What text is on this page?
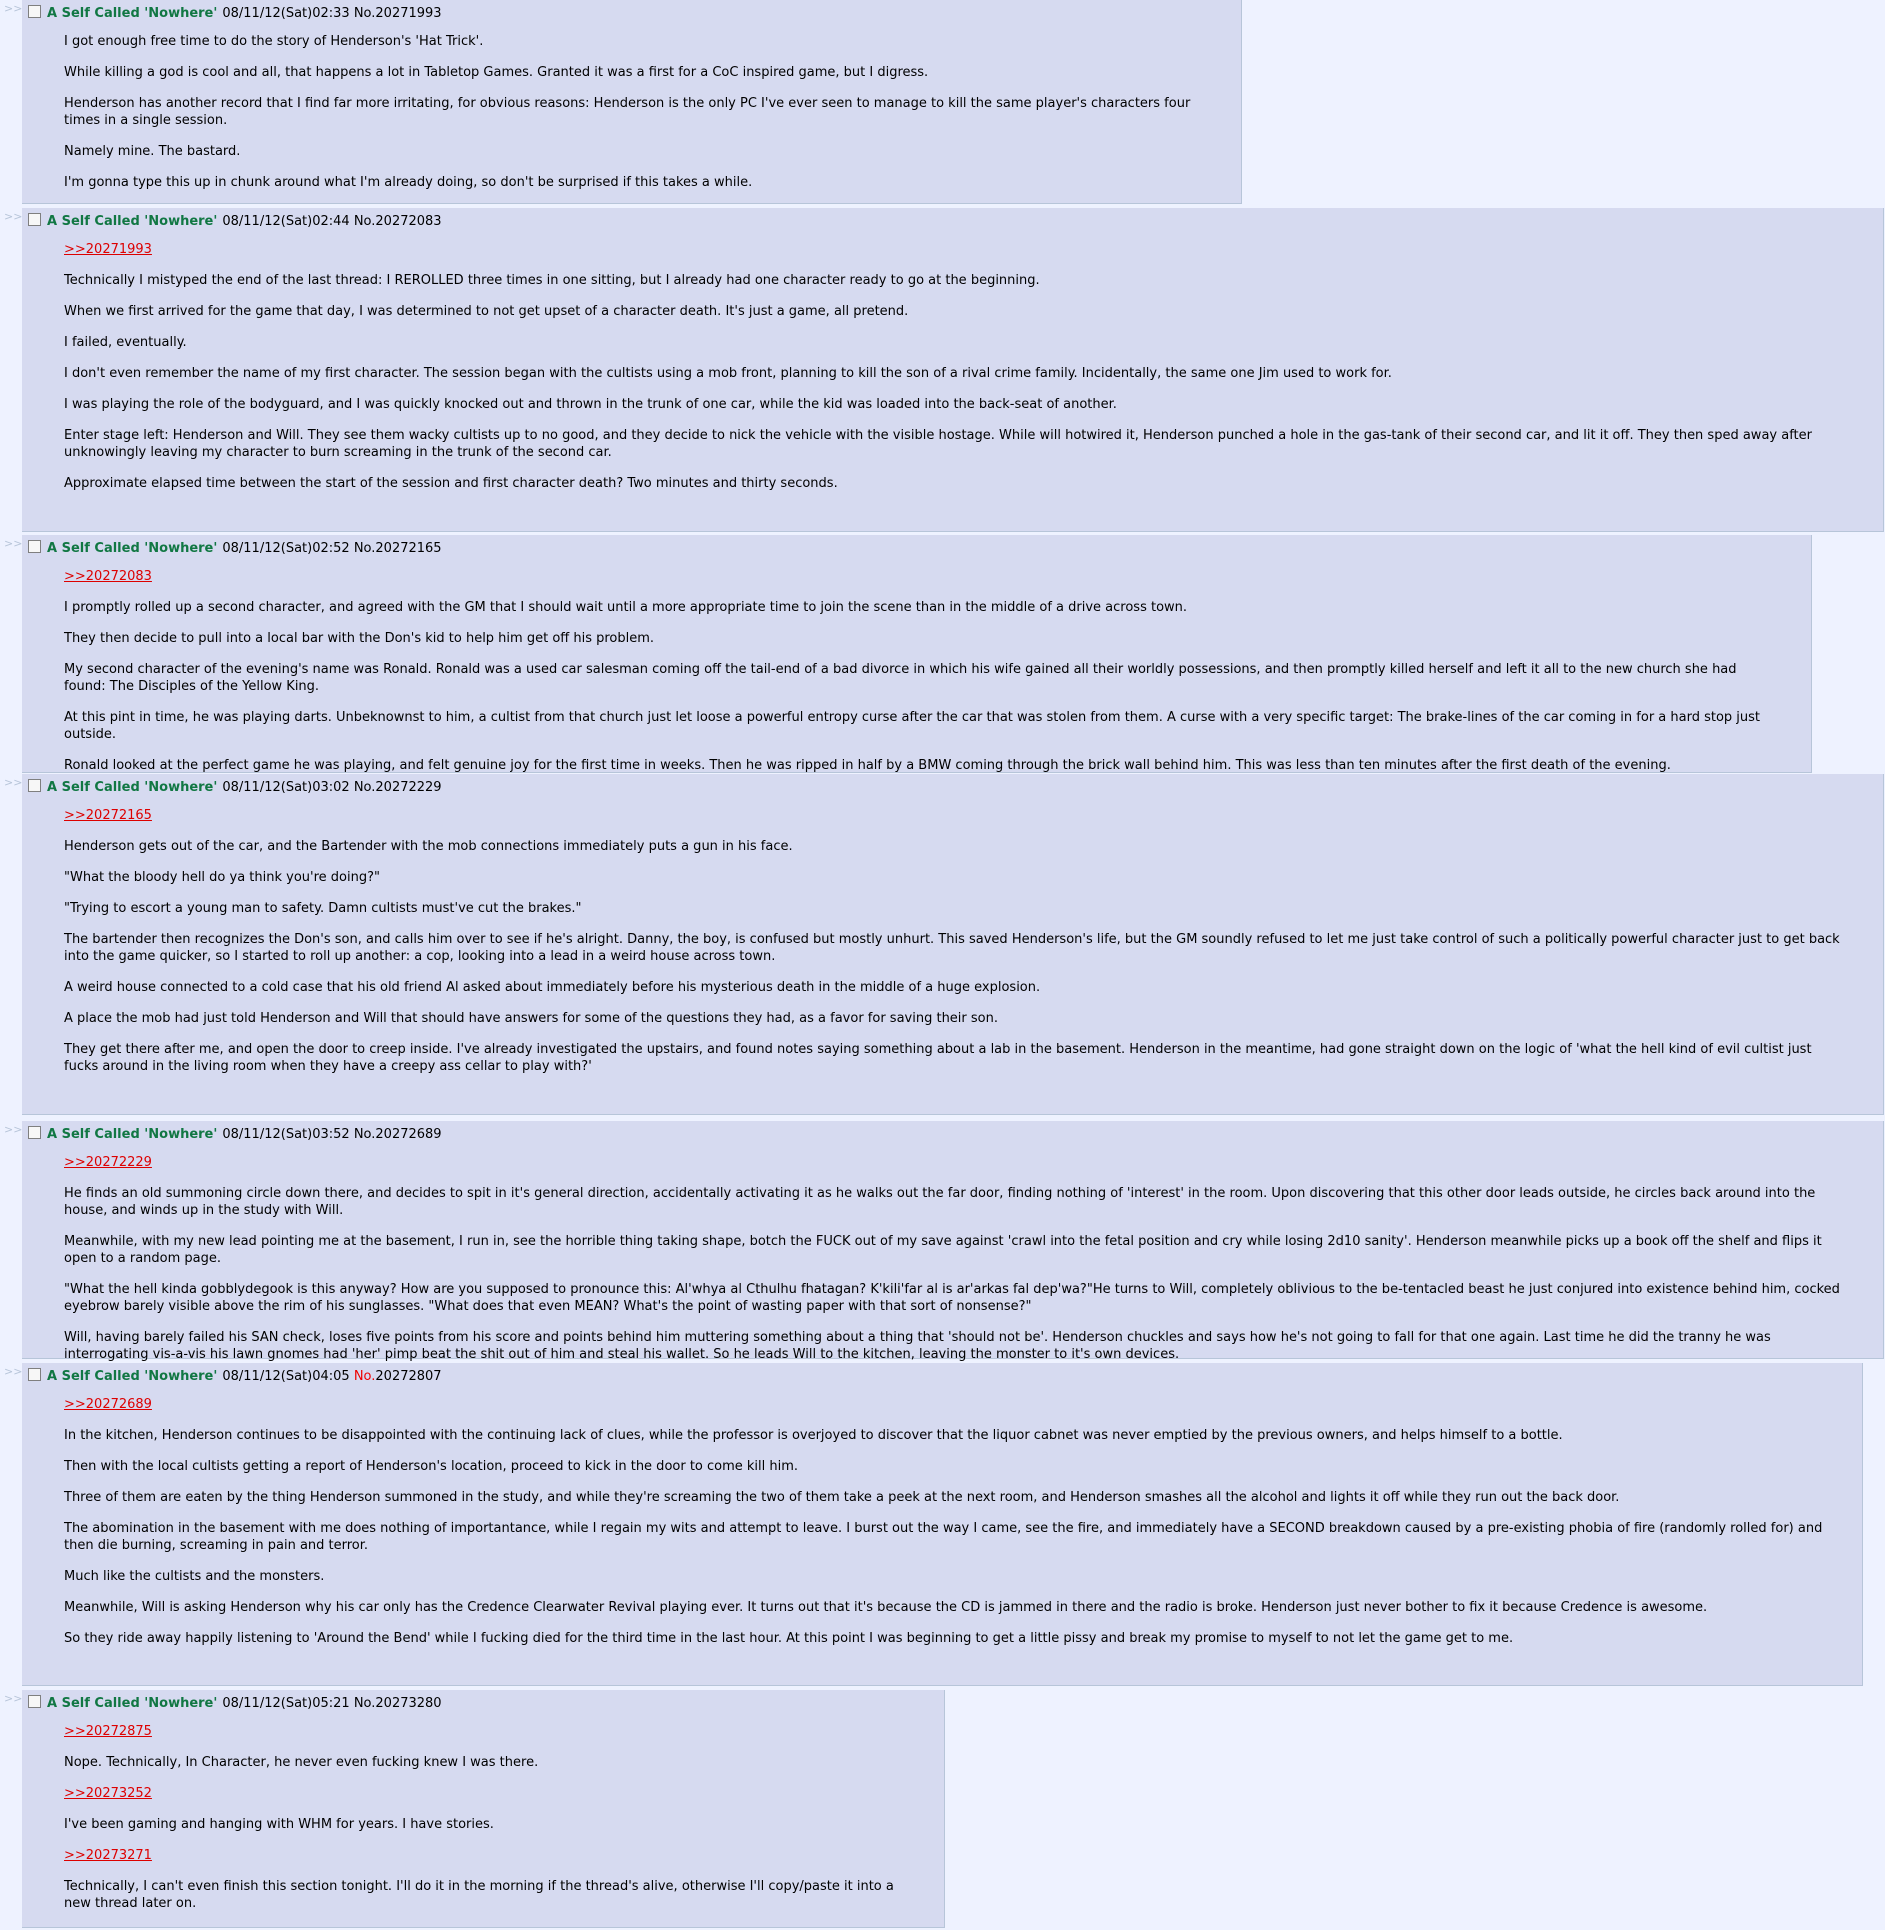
>>	A Self Called 'Nowhere' 08/11/12(Sat)02:33 No.20271993

I got enough free time to do the story of Henderson's 'Hat Trick'.

While killing a god is cool and all, that happens a lot in Tabletop Games. Granted it was a first for a CoC inspired game, but I digress.

Henderson has another record that I find far more irritating, for obvious reasons: Henderson is the only PC I've ever seen to manage to kill the same player's characters four times in a single session.

Namely mine. The bastard.

I'm gonna type this up in chunk around what I'm already doing, so don't be surprised if this takes a while.

>>	A Self Called 'Nowhere' 08/11/12(Sat)02:44 No.20272083

>>20271993

Technically I mistyped the end of the last thread: I REROLLED three times in one sitting, but I already had one character ready to go at the beginning.

When we first arrived for the game that day, I was determined to not get upset of a character death. It's just a game, all pretend.

I failed, eventually.

I don't even remember the name of my first character. The session began with the cultists using a mob front, planning to kill the son of a rival crime family. Incidentally, the same one Jim used to work for.

I was playing the role of the bodyguard, and I was quickly knocked out and thrown in the trunk of one car, while the kid was loaded into the back-seat of another.

Enter stage left: Henderson and Will. They see them wacky cultists up to no good, and they decide to nick the vehicle with the visible hostage. While will hotwired it, Henderson punched a hole in the gas-tank of their second car, and lit it off. They then sped away after unknowingly leaving my character to burn screaming in the trunk of the second car.

Approximate elapsed time between the start of the session and first character death? Two minutes and thirty seconds.

>>	A Self Called 'Nowhere' 08/11/12(Sat)02:52 No.20272165

>>20272083

I promptly rolled up a second character, and agreed with the GM that I should wait until a more appropriate time to join the scene than in the middle of a drive across town.

They then decide to pull into a local bar with the Don's kid to help him get off his problem.

My second character of the evening's name was Ronald. Ronald was a used car salesman coming off the tail-end of a bad divorce in which his wife gained all their worldly possessions, and then promptly killed herself and left it all to the new church she had found: The Disciples of the Yellow King.

At this pint in time, he was playing darts. Unbeknownst to him, a cultist from that church just let loose a powerful entropy curse after the car that was stolen from them. A curse with a very specific target: The brake-lines of the car coming in for a hard stop just outside.

Ronald looked at the perfect game he was playing, and felt genuine joy for the first time in weeks. Then he was ripped in half by a BMW coming through the brick wall behind him. This was less than ten minutes after the first death of the evening.

>>	A Self Called 'Nowhere' 08/11/12(Sat)03:02 No.20272229

>>20272165

Henderson gets out of the car, and the Bartender with the mob connections immediately puts a gun in his face.

"What the bloody hell do ya think you're doing?"

"Trying to escort a young man to safety. Damn cultists must've cut the brakes."

The bartender then recognizes the Don's son, and calls him over to see if he's alright. Danny, the boy, is confused but mostly unhurt. This saved Henderson's life, but the GM soundly refused to let me just take control of such a politically powerful character just to get back into the game quicker, so I started to roll up another: a cop, looking into a lead in a weird house across town.

A weird house connected to a cold case that his old friend Al asked about immediately before his mysterious death in the middle of a huge explosion.

A place the mob had just told Henderson and Will that should have answers for some of the questions they had, as a favor for saving their son.

They get there after me, and open the door to creep inside. I've already investigated the upstairs, and found notes saying something about a lab in the basement. Henderson in the meantime, had gone straight down on the logic of 'what the hell kind of evil cultist just fucks around in the living room when they have a creepy ass cellar to play with?'

>>	A Self Called 'Nowhere' 08/11/12(Sat)03:52 No.20272689

>>20272229

He finds an old summoning circle down there, and decides to spit in it's general direction, accidentally activating it as he walks out the far door, finding nothing of 'interest' in the room. Upon discovering that this other door leads outside, he circles back around into the house, and winds up in the study with Will.

Meanwhile, with my new lead pointing me at the basement, I run in, see the horrible thing taking shape, botch the FUCK out of my save against 'crawl into the fetal position and cry while losing 2d10 sanity'. Henderson meanwhile picks up a book off the shelf and flips it open to a random page.

"What the hell kinda gobblydegook is this anyway? How are you supposed to pronounce this: Al'whya al Cthulhu fhatagan? K'kili'far al is ar'arkas fal dep'wa?"He turns to Will, completely oblivious to the be-tentacled beast he just conjured into existence behind him, cocked eyebrow barely visible above the rim of his sunglasses. "What does that even MEAN? What's the point of wasting paper with that sort of nonsense?"

Will, having barely failed his SAN check, loses five points from his score and points behind him muttering something about a thing that 'should not be'. Henderson chuckles and says how he's not going to fall for that one again. Last time he did the tranny he was interrogating vis-a-vis his lawn gnomes had 'her' pimp beat the shit out of him and steal his wallet. So he leads Will to the kitchen, leaving the monster to it's own devices.

>>	A Self Called 'Nowhere' 08/11/12(Sat)04:05 No.20272807

>>20272689

In the kitchen, Henderson continues to be disappointed with the continuing lack of clues, while the professor is overjoyed to discover that the liquor cabnet was never emptied by the previous owners, and helps himself to a bottle.

Then with the local cultists getting a report of Henderson's location, proceed to kick in the door to come kill him.

Three of them are eaten by the thing Henderson summoned in the study, and while they're screaming the two of them take a peek at the next room, and Henderson smashes all the alcohol and lights it off while they run out the back door.

The abomination in the basement with me does nothing of importantance, while I regain my wits and attempt to leave. I burst out the way I came, see the fire, and immediately have a SECOND breakdown caused by a pre-existing phobia of fire (randomly rolled for) and then die burning, screaming in pain and terror.

Much like the cultists and the monsters.

Meanwhile, Will is asking Henderson why his car only has the Credence Clearwater Revival playing ever. It turns out that it's because the CD is jammed in there and the radio is broke. Henderson just never bother to fix it because Credence is awesome.

So they ride away happily listening to 'Around the Bend' while I fucking died for the third time in the last hour. At this point I was beginning to get a little pissy and break my promise to myself to not let the game get to me.

>>	A Self Called 'Nowhere' 08/11/12(Sat)05:21 No.20273280

>>20272875

Nope. Technically, In Character, he never even fucking knew I was there.

>>20273252

I've been gaming and hanging with WHM for years. I have stories.

>>20273271

Technically, I can't even finish this section tonight. I'll do it in the morning if the thread's alive, otherwise I'll copy/paste it into a new thread later on.
